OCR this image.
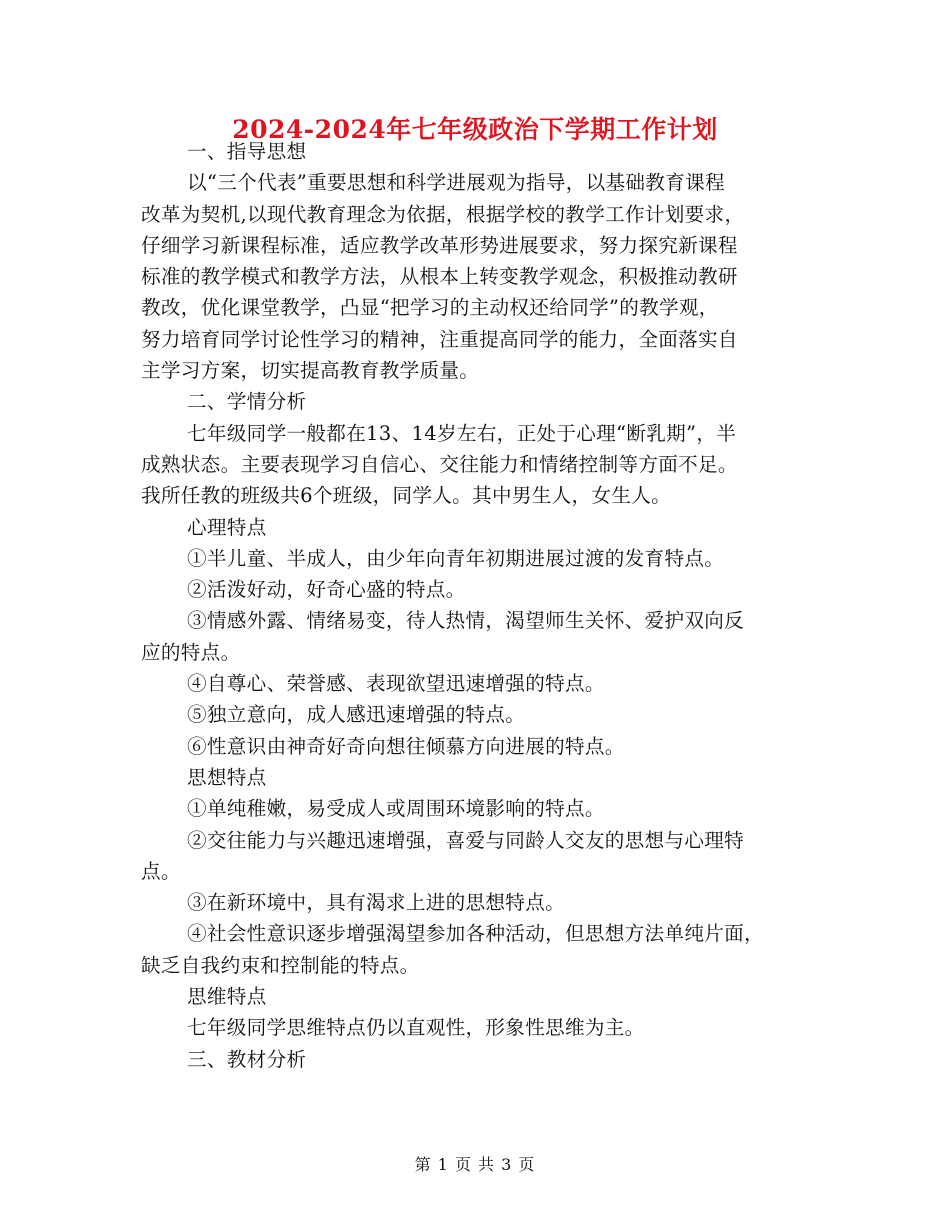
2024-2024年七年级政治下学期工作计划
一、指导思想
以“三个代表”重要思想和科学进展观为指导，以基础教育课程
改革为契机,以现代教育理念为依据，根据学校的教学工作计划要求，
仔细学习新课程标准，适应教学改革形势进展要求，努力探究新课程
标准的教学模式和教学方法，从根本上转变教学观念，积极推动教研
教改，优化课堂教学，凸显“把学习的主动权还给同学”的教学观，
努力培育同学讨论性学习的精神，注重提高同学的能力，全面落实自
主学习方案，切实提高教育教学质量。
二、学情分析
七年级同学一般都在13、14岁左右，正处于心理“断乳期”，半
成熟状态。主要表现学习自信心、交往能力和情绪控制等方面不足。
我所任教的班级共6个班级，同学人。其中男生人，女生人。
心理特点
①半儿童、半成人，由少年向青年初期进展过渡的发育特点。
②活泼好动，好奇心盛的特点。
③情感外露、情绪易变，待人热情，渴望师生关怀、爱护双向反
应的特点。
④自尊心、荣誉感、表现欲望迅速增强的特点。
⑤独立意向，成人感迅速增强的特点。
⑥性意识由神奇好奇向想往倾慕方向进展的特点。
思想特点
①单纯稚嫩，易受成人或周围环境影响的特点。
②交往能力与兴趣迅速增强，喜爱与同龄人交友的思想与心理特
点。
③在新环境中，具有渴求上进的思想特点。
④社会性意识逐步增强渴望参加各种活动，但思想方法单纯片面，
缺乏自我约束和控制能的特点。
思维特点
七年级同学思维特点仍以直观性，形象性思维为主。
三、教材分析
第 1 页 共 3 页
